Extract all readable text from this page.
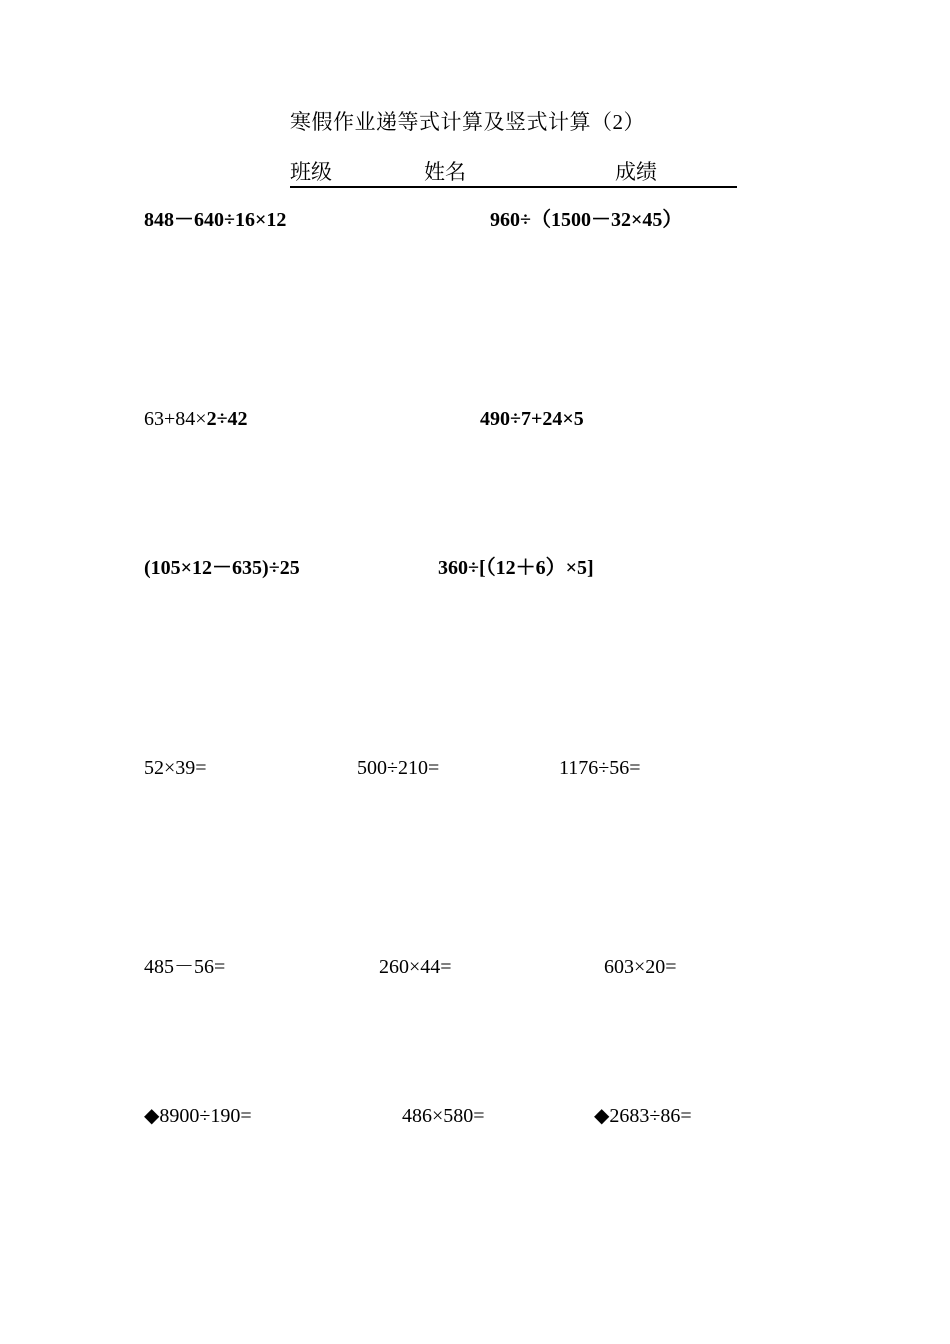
寒假作业递等式计算及竖式计算（2）
班级	姓名	成绩
848－640÷16×12	960÷（1500－32×45）
63+84×2÷42	490÷7+24×5
(105×12－635)÷25	360÷[（12＋6）×5]
52×39=	500÷210=	1176÷56=
485－56=	260×44=	603×20=
◆8900÷190=	486×580=	◆2683÷86=
